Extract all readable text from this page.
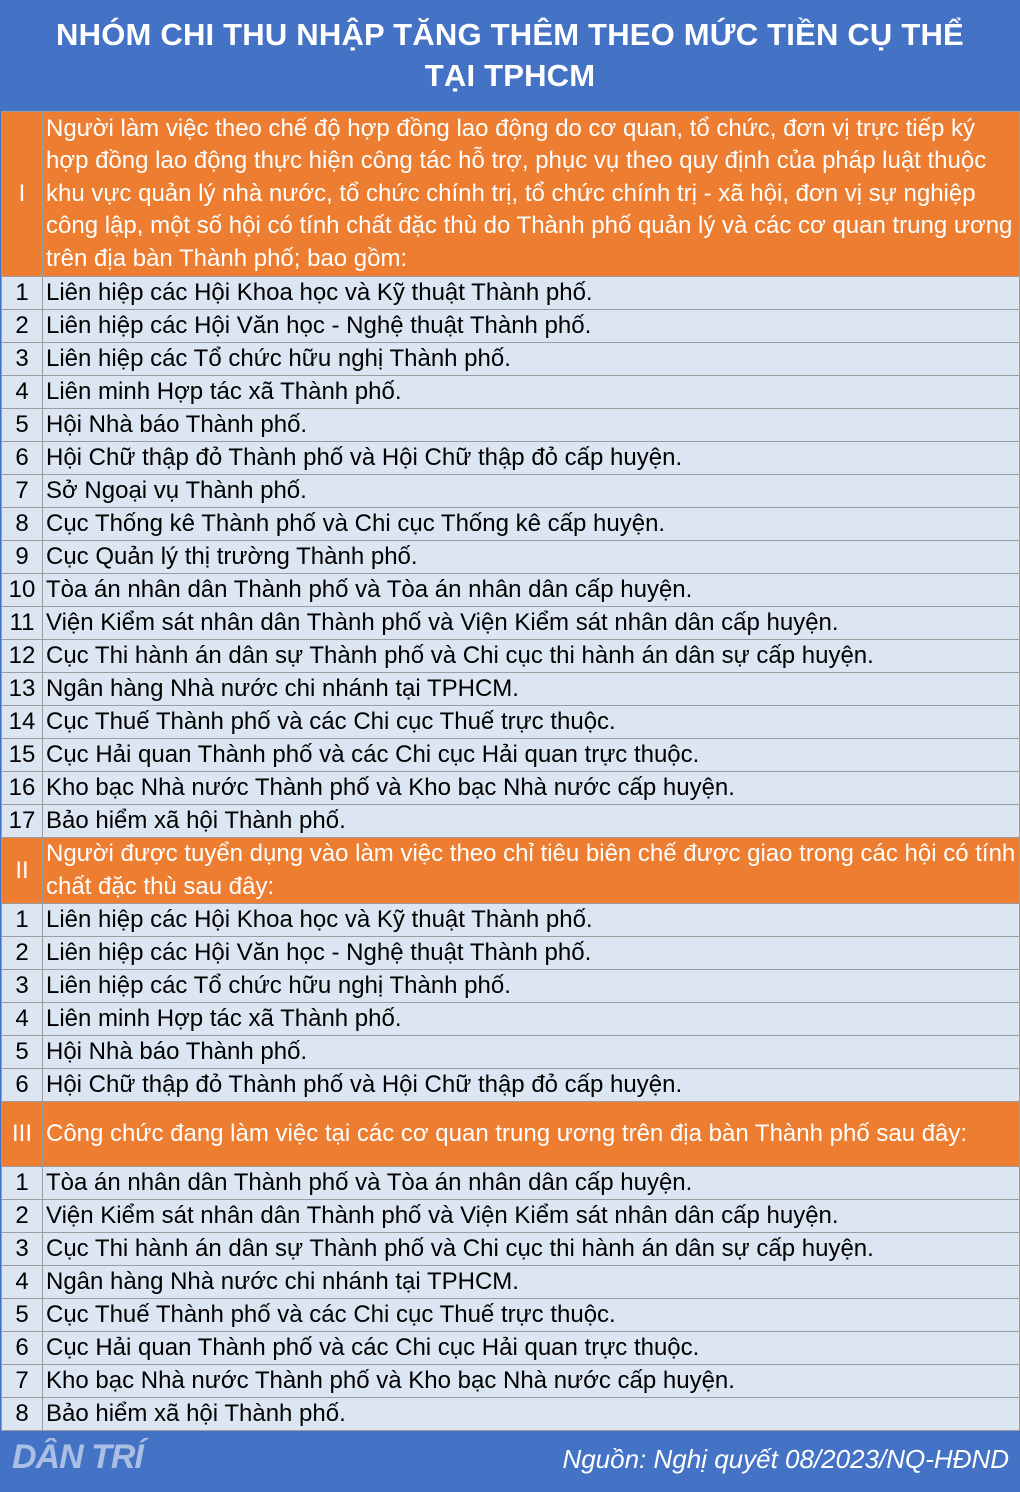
NHÓM CHI THU NHẬP TĂNG THÊM THEO MỨC TIỀN CỤ THỂ
TẠI TPHCM
I	Người làm việc theo chế độ hợp đồng lao động do cơ quan, tổ chức, đơn vị trực tiếp ký hợp đồng lao động thực hiện công tác hỗ trợ, phục vụ theo quy định của pháp luật thuộc khu vực quản lý nhà nước, tổ chức chính trị, tổ chức chính trị - xã hội, đơn vị sự nghiệp công lập, một số hội có tính chất đặc thù do Thành phố quản lý và các cơ quan trung ương trên địa bàn Thành phố; bao gồm:
1	Liên hiệp các Hội Khoa học và Kỹ thuật Thành phố.
2	Liên hiệp các Hội Văn học - Nghệ thuật Thành phố.
3	Liên hiệp các Tổ chức hữu nghị Thành phố.
4	Liên minh Hợp tác xã Thành phố.
5	Hội Nhà báo Thành phố.
6	Hội Chữ thập đỏ Thành phố và Hội Chữ thập đỏ cấp huyện.
7	Sở Ngoại vụ Thành phố.
8	Cục Thống kê Thành phố và Chi cục Thống kê cấp huyện.
9	Cục Quản lý thị trường Thành phố.
10	Tòa án nhân dân Thành phố và Tòa án nhân dân cấp huyện.
11	Viện Kiểm sát nhân dân Thành phố và Viện Kiểm sát nhân dân cấp huyện.
12	Cục Thi hành án dân sự Thành phố và Chi cục thi hành án dân sự cấp huyện.
13	Ngân hàng Nhà nước chi nhánh tại TPHCM.
14	Cục Thuế Thành phố và các Chi cục Thuế trực thuộc.
15	Cục Hải quan Thành phố và các Chi cục Hải quan trực thuộc.
16	Kho bạc Nhà nước Thành phố và Kho bạc Nhà nước cấp huyện.
17	Bảo hiểm xã hội Thành phố.
II	Người được tuyển dụng vào làm việc theo chỉ tiêu biên chế được giao trong các hội có tính chất đặc thù sau đây:
1	Liên hiệp các Hội Khoa học và Kỹ thuật Thành phố.
2	Liên hiệp các Hội Văn học - Nghệ thuật Thành phố.
3	Liên hiệp các Tổ chức hữu nghị Thành phố.
4	Liên minh Hợp tác xã Thành phố.
5	Hội Nhà báo Thành phố.
6	Hội Chữ thập đỏ Thành phố và Hội Chữ thập đỏ cấp huyện.
III	Công chức đang làm việc tại các cơ quan trung ương trên địa bàn Thành phố sau đây:
1	Tòa án nhân dân Thành phố và Tòa án nhân dân cấp huyện.
2	Viện Kiểm sát nhân dân Thành phố và Viện Kiểm sát nhân dân cấp huyện.
3	Cục Thi hành án dân sự Thành phố và Chi cục thi hành án dân sự cấp huyện.
4	Ngân hàng Nhà nước chi nhánh tại TPHCM.
5	Cục Thuế Thành phố và các Chi cục Thuế trực thuộc.
6	Cục Hải quan Thành phố và các Chi cục Hải quan trực thuộc.
7	Kho bạc Nhà nước Thành phố và Kho bạc Nhà nước cấp huyện.
8	Bảo hiểm xã hội Thành phố.
DÂN TRÍ	Nguồn: Nghị quyết 08/2023/NQ-HĐND
